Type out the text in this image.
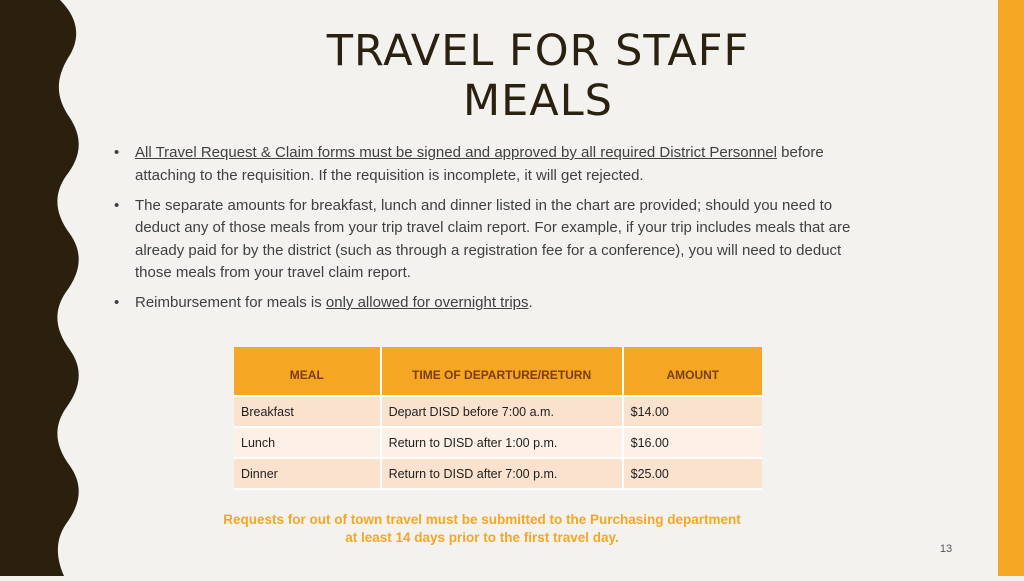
TRAVEL FOR STAFF
MEALS
• All Travel Request & Claim forms must be signed and approved by all required District Personnel before attaching to the requisition. If the requisition is incomplete, it will get rejected.
• The separate amounts for breakfast, lunch and dinner listed in the chart are provided; should you need to deduct any of those meals from your trip travel claim report. For example, if your trip includes meals that are already paid for by the district (such as through a registration fee for a conference), you will need to deduct those meals from your travel claim report.
• Reimbursement for meals is only allowed for overnight trips.
MEAL	TIME OF DEPARTURE/RETURN	AMOUNT
Breakfast	Depart DISD before 7:00 a.m.	$14.00
Lunch	Return to DISD after 1:00 p.m.	$16.00
Dinner	Return to DISD after 7:00 p.m.	$25.00
Requests for out of town travel must be submitted to the Purchasing department
at least 14 days prior to the first travel day.
13
